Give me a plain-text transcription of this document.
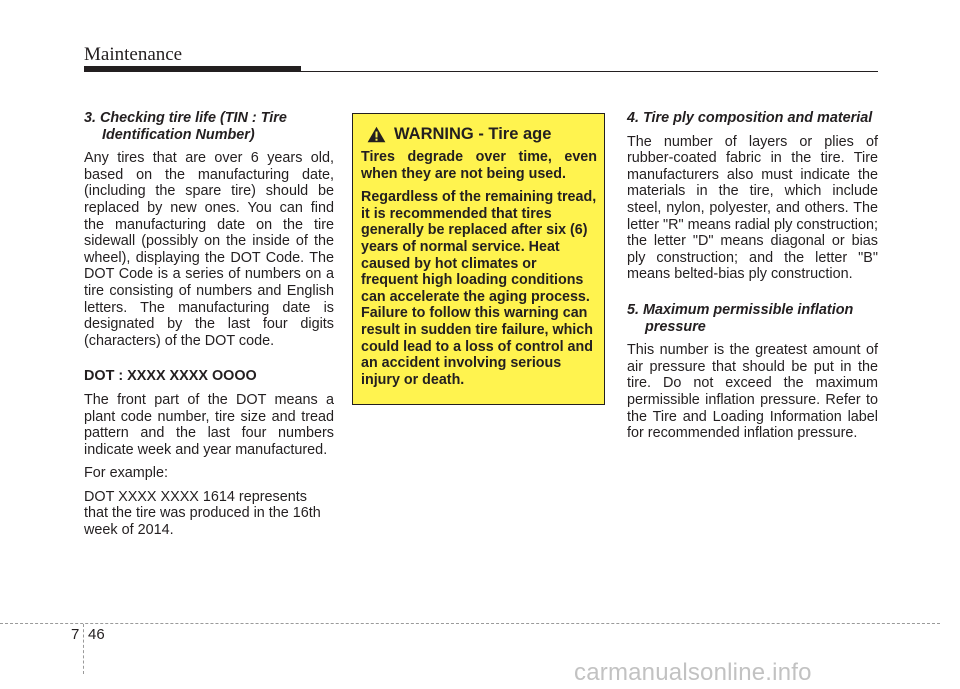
Maintenance

3. Checking tire life (TIN : Tire Identification Number)

Any tires that are over 6 years old, based on the manufacturing date, (including the spare tire) should be replaced by new ones. You can find the manufacturing date on the tire sidewall (possibly on the inside of the wheel), displaying the DOT Code. The DOT Code is a series of numbers on a tire consisting of numbers and English letters. The manufacturing date is designated by the last four digits (characters) of the DOT code.

DOT : XXXX XXXX OOOO

The front part of the DOT means a plant code number, tire size and tread pattern and the last four numbers indicate week and year manufactured.

For example:

DOT XXXX XXXX 1614 represents that the tire was produced in the 16th week of 2014.

WARNING - Tire age

Tires degrade over time, even when they are not being used.

Regardless of the remaining tread, it is recommended that tires generally be replaced after six (6) years of normal service. Heat caused by hot climates or frequent high loading conditions can accelerate the aging process. Failure to follow this warning can result in sudden tire failure, which could lead to a loss of control and an accident involving serious injury or death.

4. Tire ply composition and material

The number of layers or plies of rubber-coated fabric in the tire. Tire manufacturers also must indicate the materials in the tire, which include steel, nylon, polyester, and others. The letter "R" means radial ply construction; the letter "D" means diagonal or bias ply construction; and the letter "B" means belted-bias ply construction.

5. Maximum permissible inflation pressure

This number is the greatest amount of air pressure that should be put in the tire. Do not exceed the maximum permissible inflation pressure. Refer to the Tire and Loading Information label for recommended inflation pressure.

7 46
carmanualsonline.info
